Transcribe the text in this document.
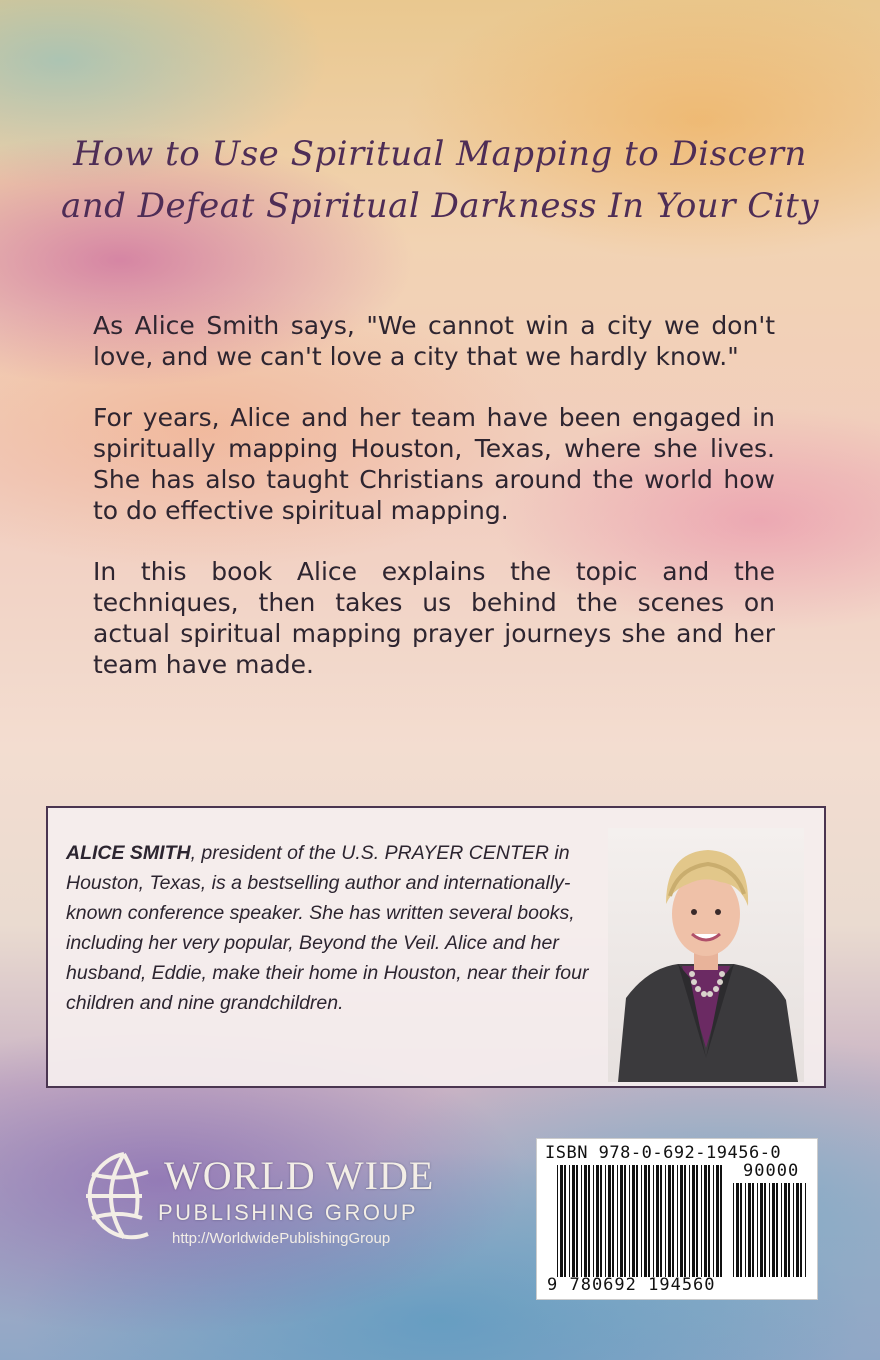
How to Use Spiritual Mapping to Discern
and Defeat Spiritual Darkness In Your City

As Alice Smith says, "We cannot win a city we don't love, and we can't love a city that we hardly know."

For years, Alice and her team have been engaged in spiritually mapping Houston, Texas, where she lives. She has also taught Christians around the world how to do effective spiritual mapping.

In this book Alice explains the topic and the techniques, then takes us behind the scenes on actual spiritual mapping prayer journeys she and her team have made.

ALICE SMITH, president of the U.S. PRAYER CENTER in Houston, Texas, is a bestselling author and internationally-known conference speaker. She has written several books, including her very popular, Beyond the Veil. Alice and her husband, Eddie, make their home in Houston, near their four children and nine grandchildren.
WORLD WIDE
PUBLISHING GROUP
http://WorldwidePublishingGroup
ISBN 978-0-692-19456-0
90000
9 780692 194560
